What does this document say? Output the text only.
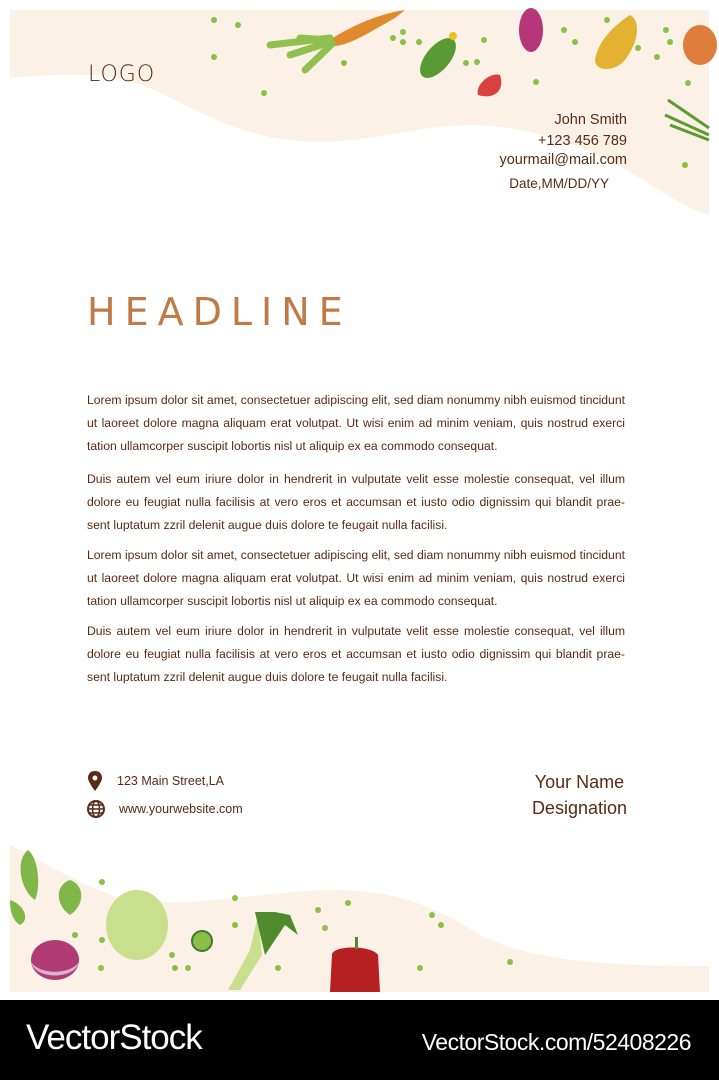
LOGO
John Smith
+123 456 789
yourmail@mail.com
Date,MM/DD/YY
HEADLINE

Lorem ipsum dolor sit amet, consectetuer adipiscing elit, sed diam nonummy nibh euismod tincidunt ut laoreet dolore magna aliquam erat volutpat. Ut wisi enim ad minim veniam, quis nostrud exerci tation ullamcorper suscipit lobortis nisl ut aliquip ex ea commodo consequat.

Duis autem vel eum iriure dolor in hendrerit in vulputate velit esse molestie consequat, vel illum dolore eu feugiat nulla facilisis at vero eros et accumsan et iusto odio dignissim qui blandit prae-sent luptatum zzril delenit augue duis dolore te feugait nulla facilisi.

Lorem ipsum dolor sit amet, consectetuer adipiscing elit, sed diam nonummy nibh euismod tincidunt ut laoreet dolore magna aliquam erat volutpat. Ut wisi enim ad minim veniam, quis nostrud exerci tation ullamcorper suscipit lobortis nisl ut aliquip ex ea commodo consequat.

Duis autem vel eum iriure dolor in hendrerit in vulputate velit esse molestie consequat, vel illum dolore eu feugiat nulla facilisis at vero eros et accumsan et iusto odio dignissim qui blandit prae-sent luptatum zzril delenit augue duis dolore te feugait nulla facilisi.

123 Main Street,LA
www.yourwebsite.com
Your Name
Designation
VectorStock	VectorStock.com/52408226
